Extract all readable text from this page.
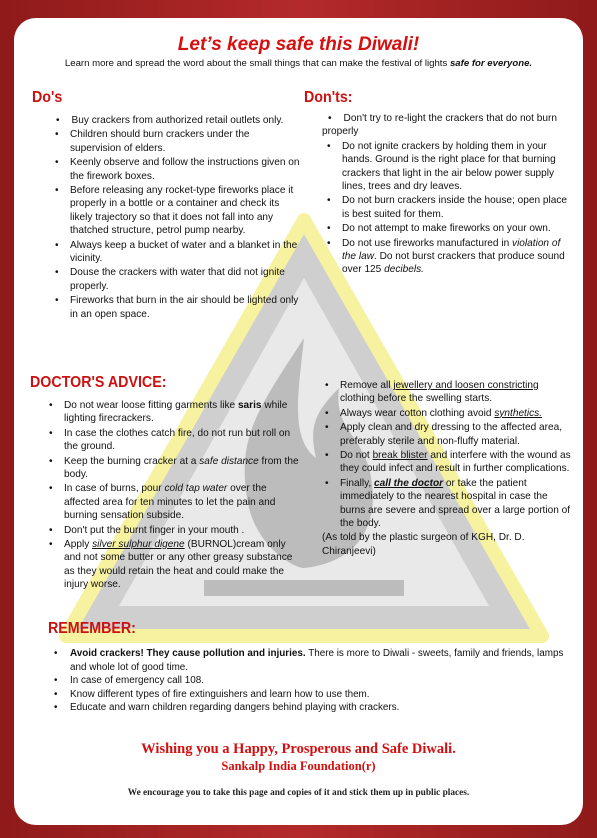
Let’s keep safe this Diwali!
Learn more and spread the word about the small things that can make the festival of lights safe for everyone.
Do's	Don'ts:
• Buy crackers from authorized retail outlets only.
• Children should burn crackers under the supervision of elders.
• Keenly observe and follow the instructions given on the firework boxes.
• Before releasing any rocket-type fireworks place it properly in a bottle or a container and check its likely trajectory so that it does not fall into any thatched structure, petrol pump nearby.
• Always keep a bucket of water and a blanket in the vicinity.
• Douse the crackers with water that did not ignite properly.
• Fireworks that burn in the air should be lighted only in an open space.
• Don't try to re-light the crackers that do not burn properly
• Do not ignite crackers by holding them in your hands. Ground is the right place for that burning crackers that light in the air below power supply lines, trees and dry leaves.
• Do not burn crackers inside the house; open place is best suited for them.
• Do not attempt to make fireworks on your own.
• Do not use fireworks manufactured in violation of the law. Do not burst crackers that produce sound over 125 decibels.
DOCTOR'S ADVICE:
• Do not wear loose fitting garments like saris while lighting firecrackers.
• In case the clothes catch fire, do not run but roll on the ground.
• Keep the burning cracker at a safe distance from the body.
• In case of burns, pour cold tap water over the affected area for ten minutes to let the pain and burning sensation subside.
• Don't put the burnt finger in your mouth .
• Apply silver sulphur digene (BURNOL)cream only and not some butter or any other greasy substance as they would retain the heat and could make the injury worse.
• Remove all jewellery and loosen constricting clothing before the swelling starts.
• Always wear cotton clothing avoid synthetics.
• Apply clean and dry dressing to the affected area, preferably sterile and non-fluffy material.
• Do not break blister and interfere with the wound as they could infect and result in further complications.
• Finally, call the doctor or take the patient immediately to the nearest hospital in case the burns are severe and spread over a large portion of the body.
(As told by the plastic surgeon of KGH, Dr. D. Chiranjeevi)
REMEMBER:
• Avoid crackers! They cause pollution and injuries. There is more to Diwali - sweets, family and friends, lamps and whole lot of good time.
• In case of emergency call 108.
• Know different types of fire extinguishers and learn how to use them.
• Educate and warn children regarding dangers behind playing with crackers.
Wishing you a Happy, Prosperous and Safe Diwali.
Sankalp India Foundation(r)
We encourage you to take this page and copies of it and stick them up in public places.
